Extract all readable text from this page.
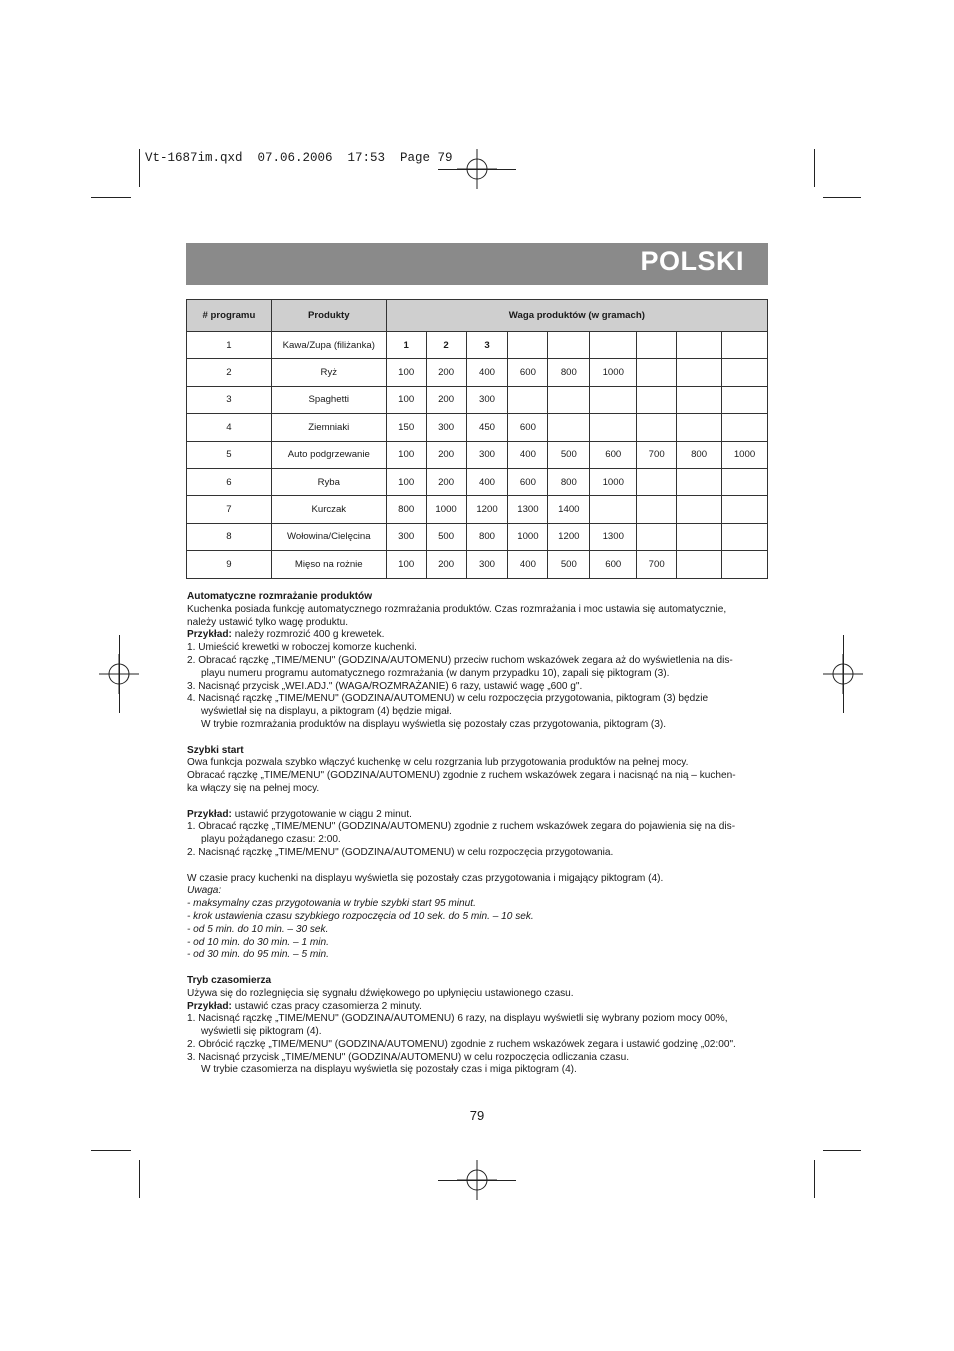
Vt-1687im.qxd  07.06.2006  17:53  Page 79
POLSKI
# programu	Produkty	Waga produktów (w gramach)								
1	Kawa/Zupa (filiżanka)	1	2	3						
2	Ryż	100	200	400	600	800	1000			
3	Spaghetti	100	200	300						
4	Ziemniaki	150	300	450	600					
5	Auto podgrzewanie	100	200	300	400	500	600	700	800	1000
6	Ryba	100	200	400	600	800	1000			
7	Kurczak	800	1000	1200	1300	1400				
8	Wołowina/Cielęcina	300	500	800	1000	1200	1300			
9	Mięso na rożnie	100	200	300	400	500	600	700		

Automatyczne rozmrażanie produktów

Kuchenka posiada funkcję automatycznego rozmrażania produktów. Czas rozmrażania i moc ustawia się automatycznie,

należy ustawić tylko wagę produktu.

Przykład: należy rozmrozić 400 g krewetek.

1. Umieścić krewetki w roboczej komorze kuchenki.

2. Obracać rączkę „TIME/MENU" (GODZINA/AUTOMENU) przeciw ruchom wskazówek zegara aż do wyświetlenia na dis-

playu numeru programu automatycznego rozmrażania (w danym przypadku 10), zapali się piktogram (3).

3. Nacisnąć przycisk „WEI.ADJ." (WAGA/ROZMRAŻANIE) 6 razy, ustawić wagę „600 g".

4. Nacisnąć rączkę „TIME/MENU" (GODZINA/AUTOMENU) w celu rozpoczęcia przygotowania, piktogram (3) będzie

wyświetlał się na displayu, a piktogram (4) będzie migał.

W trybie rozmrażania produktów na displayu wyświetla się pozostały czas przygotowania, piktogram (3).

Szybki start

Owa funkcja pozwala szybko włączyć kuchenkę w celu rozgrzania lub przygotowania produktów na pełnej mocy.

Obracać rączkę „TIME/MENU" (GODZINA/AUTOMENU) zgodnie z ruchem wskazówek zegara i nacisnąć na nią – kuchen-

ka włączy się na pełnej mocy.

Przykład: ustawić przygotowanie w ciągu 2 minut.

1. Obracać rączkę „TIME/MENU" (GODZINA/AUTOMENU) zgodnie z ruchem wskazówek zegara do pojawienia się na dis-

playu pożądanego czasu: 2:00.

2. Nacisnąć rączkę „TIME/MENU" (GODZINA/AUTOMENU) w celu rozpoczęcia przygotowania.

W czasie pracy kuchenki na displayu wyświetla się pozostały czas przygotowania i migający piktogram (4).

Uwaga:

- maksymalny czas przygotowania w trybie szybki start 95 minut.

- krok ustawienia czasu szybkiego rozpoczęcia od 10 sek. do 5 min. – 10 sek.

- od 5 min. do 10 min. – 30 sek.

- od 10 min. do 30 min. – 1 min.

- od 30 min. do 95 min. – 5 min.

Tryb czasomierza

Używa się do rozlegnięcia się sygnału dźwiękowego po upłynięciu ustawionego czasu.

Przykład: ustawić czas pracy czasomierza 2 minuty.

1. Nacisnąć rączkę „TIME/MENU" (GODZINA/AUTOMENU) 6 razy, na displayu wyświetli się wybrany poziom mocy 00%,

wyświetli się piktogram (4).

2. Obrócić rączkę „TIME/MENU" (GODZINA/AUTOMENU) zgodnie z ruchem wskazówek zegara i ustawić godzinę „02:00".

3. Nacisnąć przycisk „TIME/MENU" (GODZINA/AUTOMENU) w celu rozpoczęcia odliczania czasu.

W trybie czasomierza na displayu wyświetla się pozostały czas i miga piktogram (4).

79
